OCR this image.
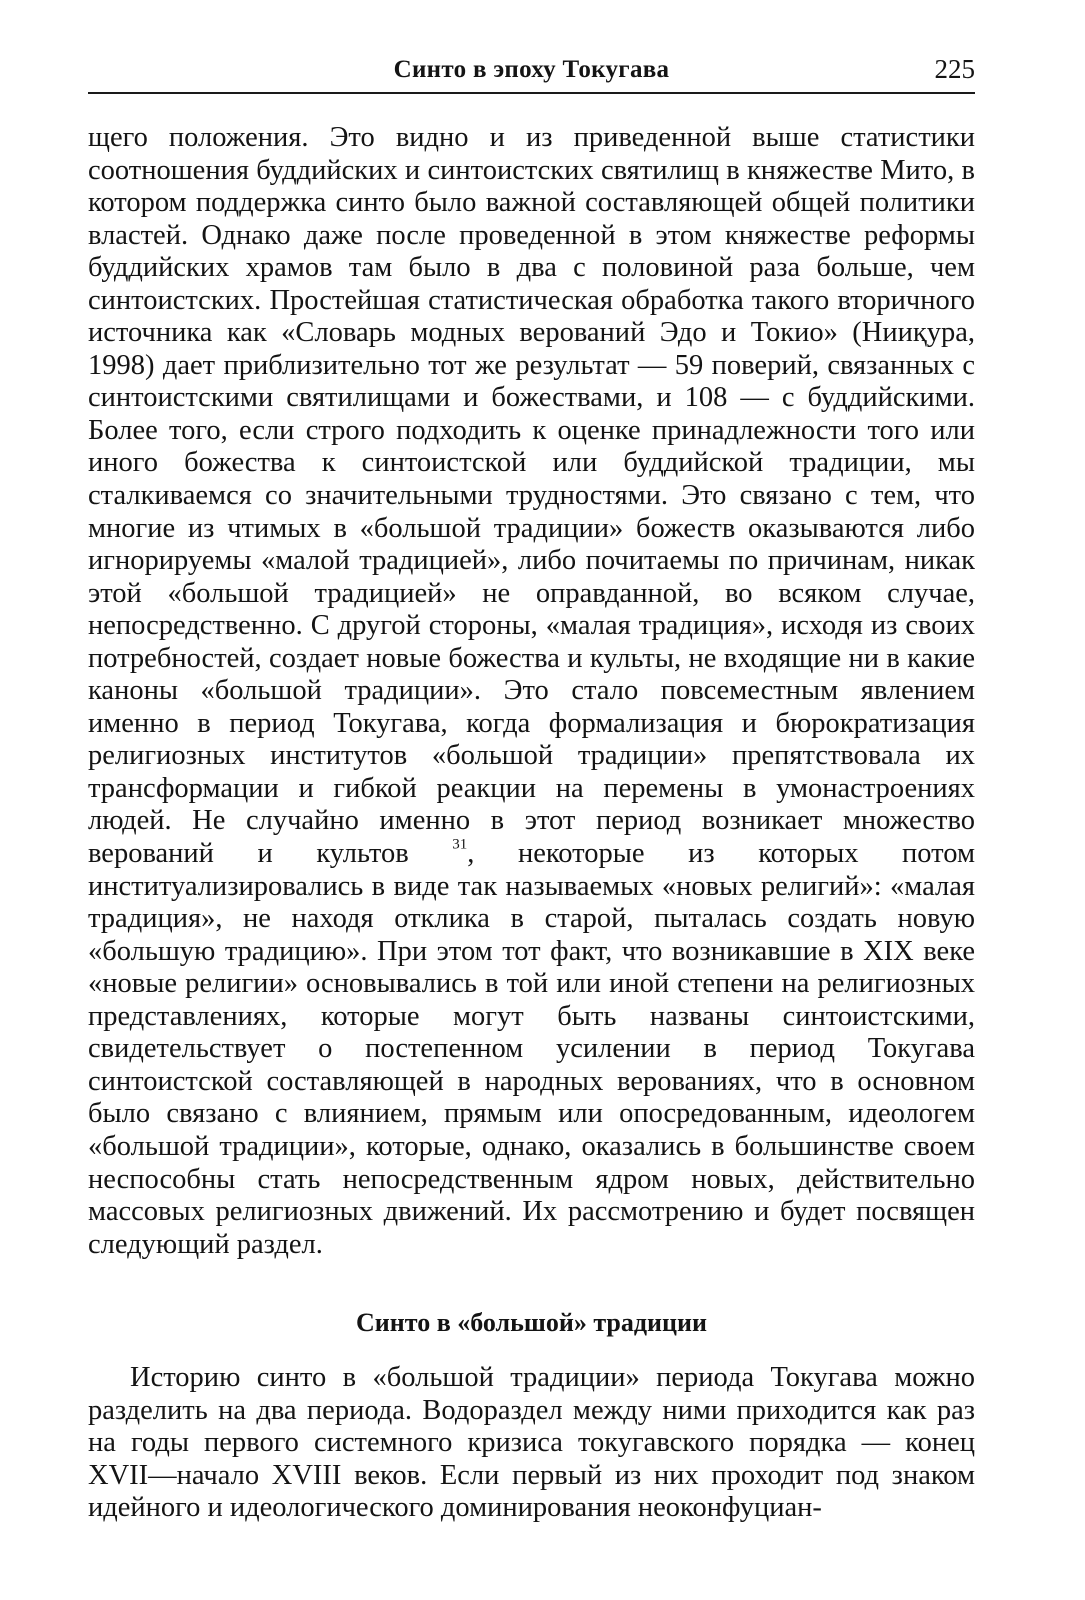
Синто в эпоху Токугава	225

щего положения. Это видно и из приведенной выше статистики соотношения буддийских и синтоистских святилищ в княжестве Мито, в котором поддержка синто было важной составляющей общей политики властей. Однако даже после проведенной в этом княжестве реформы буддийских храмов там было в два с половиной раза больше, чем синтоистских. Простейшая статистическая обработка такого вторичного источника как «Словарь модных верований Эдо и Токио» (Нииқура, 1998) дает приблизительно тот же результат — 59 поверий, связанных с синтоистскими святилищами и божествами, и 108 — с буддийскими. Более того, если строго подходить к оценке принадлежности того или иного божества к синтоистской или буддийской традиции, мы сталкиваемся со значительными трудностями. Это связано с тем, что многие из чтимых в «большой традиции» божеств оказываются либо игнорируемы «малой традицией», либо почитаемы по причинам, никак этой «большой традицией» не оправданной, во всяком случае, непосредственно. С другой стороны, «малая традиция», исходя из своих потребностей, создает новые божества и культы, не входящие ни в какие каноны «большой традиции». Это стало повсеместным явлением именно в период Токугава, когда формализация и бюрократизация религиозных институтов «большой традиции» препятствовала их трансформации и гибкой реакции на перемены в умонастроениях людей. Не случайно именно в этот период возникает множество верований и культов	$^{31}$, некоторые из которых потом институализировались в виде так называемых «новых религий»: «малая традиция», не находя отклика в старой, пыталась создать новую «большую традицию». При этом тот факт, что возникавшие в XIX веке «новые религии» основывались в той или иной степени на религиозных представлениях, которые могут быть названы синтоистскими, свидетельствует о постепенном усилении в период Токугава синтоистской составляющей в народных верованиях, что в основном было связано с влиянием, прямым или опосредованным, идеологем «большой традиции», которые, однако, оказались в большинстве своем неспособны стать непосредственным ядром новых, действительно массовых религиозных движений. Их рассмотрению и будет посвящен следующий раздел.

Синто в «большой» традиции

Историю синто в «большой традиции» периода Токугава можно разделить на два периода. Водораздел между ними приходится как раз на годы первого системного кризиса токугавского порядка — конец XVII—начало XVIII веков. Если первый из них проходит под знаком идейного и идеологического доминирования неоконфуциан-
